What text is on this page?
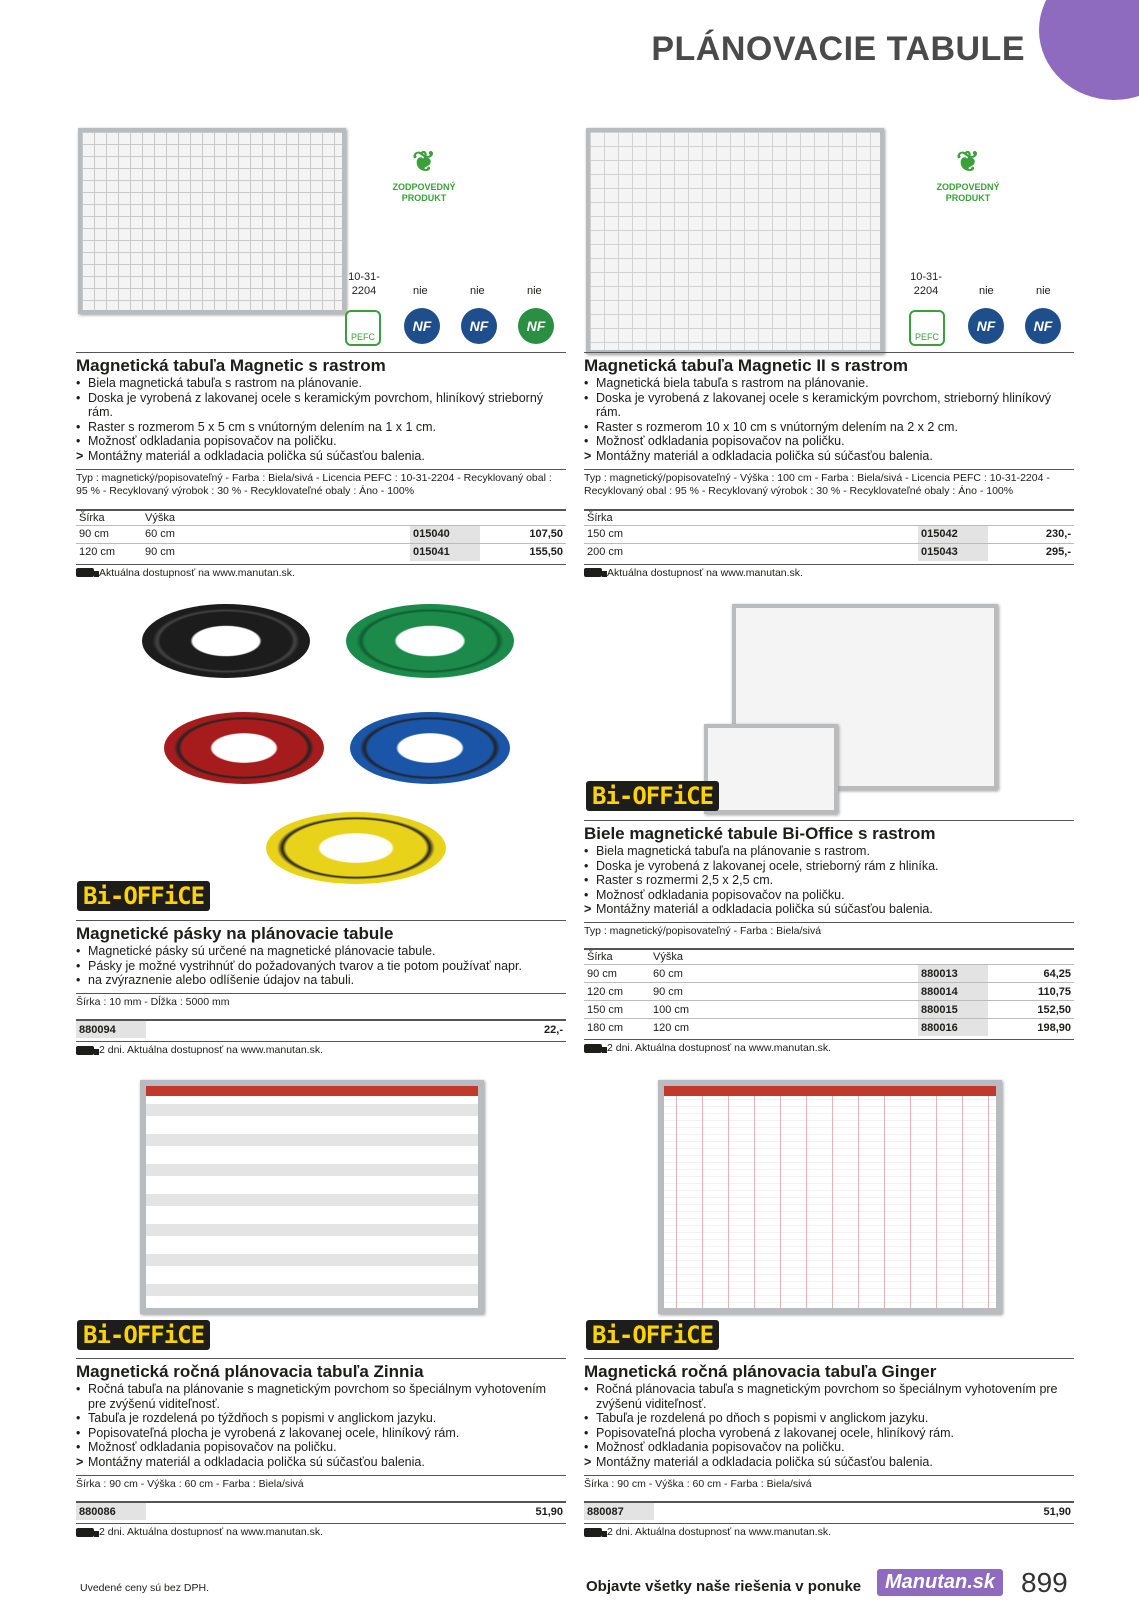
PLÁNOVACIE TABULE
❦
ZODPOVEDNÝ PRODUKT
10-31-2204	nie	nie	nie
PEFC
NF	NF	NF
Magnetická tabuľa Magnetic s rastrom
• Biela magnetická tabuľa s rastrom na plánovanie.
• Doska je vyrobená z lakovanej ocele s keramickým povrchom, hliníkový strieborný rám.
• Raster s rozmerom 5 x 5 cm s vnútorným delením na 1 x 1 cm.
• Možnosť odkladania popisovačov na poličku.
> Montážny materiál a odkladacia polička sú súčasťou balenia.
Typ : magnetický/popisovateľný - Farba : Biela/sivá - Licencia PEFC : 10-31-2204 - Recyklovaný obal : 95 % - Recyklovaný výrobok : 30 % - Recyklovateľné obaly : Áno - 100%
Šírka	Výška		
90 cm	60 cm	015040	107,50
120 cm	90 cm	015041	155,50
Aktuálna dostupnosť na www.manutan.sk.
❦
ZODPOVEDNÝ PRODUKT
10-31-2204	nie	nie
PEFC
NF	NF
Magnetická tabuľa Magnetic II s rastrom
• Magnetická biela tabuľa s rastrom na plánovanie.
• Doska je vyrobená z lakovanej ocele s keramickým povrchom, strieborný hliníkový rám.
• Raster s rozmerom 10 x 10 cm s vnútorným delením na 2 x 2 cm.
• Možnosť odkladania popisovačov na poličku.
> Montážny materiál a odkladacia polička sú súčasťou balenia.
Typ : magnetický/popisovateľný - Výška : 100 cm - Farba : Biela/sivá - Licencia PEFC : 10-31-2204 - Recyklovaný obal : 95 % - Recyklovaný výrobok : 30 % - Recyklovateľné obaly : Áno - 100%
Šírka		
150 cm	015042	230,-
200 cm	015043	295,-
Aktuálna dostupnosť na www.manutan.sk.
Bi-OFFiCE
Magnetické pásky na plánovacie tabule
• Magnetické pásky sú určené na magnetické plánovacie tabule.
• Pásky je možné vystrihnúť do požadovaných tvarov a tie potom používať napr.
• na zvýraznenie alebo odlíšenie údajov na tabuli.
Šírka : 10 mm - Dĺžka : 5000 mm
880094		22,-
2 dni. Aktuálna dostupnosť na www.manutan.sk.
Bi-OFFiCE
Biele magnetické tabule Bi-Office s rastrom
• Biela magnetická tabuľa na plánovanie s rastrom.
• Doska je vyrobená z lakovanej ocele, strieborný rám z hliníka.
• Raster s rozmermi 2,5 x 2,5 cm.
• Možnosť odkladania popisovačov na poličku.
> Montážny materiál a odkladacia polička sú súčasťou balenia.
Typ : magnetický/popisovateľný - Farba : Biela/sivá
Šírka	Výška		
90 cm	60 cm	880013	64,25
120 cm	90 cm	880014	110,75
150 cm	100 cm	880015	152,50
180 cm	120 cm	880016	198,90
2 dni. Aktuálna dostupnosť na www.manutan.sk.
Bi-OFFiCE
Magnetická ročná plánovacia tabuľa Zinnia
• Ročná tabuľa na plánovanie s magnetickým povrchom so špeciálnym vyhotovením pre zvýšenú viditeľnosť.
• Tabuľa je rozdelená po týždňoch s popismi v anglickom jazyku.
• Popisovateľná plocha je vyrobená z lakovanej ocele, hliníkový rám.
• Možnosť odkladania popisovačov na poličku.
> Montážny materiál a odkladacia polička sú súčasťou balenia.
Šírka : 90 cm - Výška : 60 cm - Farba : Biela/sivá
880086		51,90
2 dni. Aktuálna dostupnosť na www.manutan.sk.
Bi-OFFiCE
Magnetická ročná plánovacia tabuľa Ginger
• Ročná plánovacia tabuľa s magnetickým povrchom so špeciálnym vyhotovením pre zvýšenú viditeľnosť.
• Tabuľa je rozdelená po dňoch s popismi v anglickom jazyku.
• Popisovateľná plocha vyrobená z lakovanej ocele, hliníkový rám.
• Možnosť odkladania popisovačov na poličku.
> Montážny materiál a odkladacia polička sú súčasťou balenia.
Šírka : 90 cm - Výška : 60 cm - Farba : Biela/sivá
880087		51,90
2 dni. Aktuálna dostupnosť na www.manutan.sk.
Uvedené ceny sú bez DPH.	Objavte všetky naše riešenia v ponuke	Manutan.sk 899
